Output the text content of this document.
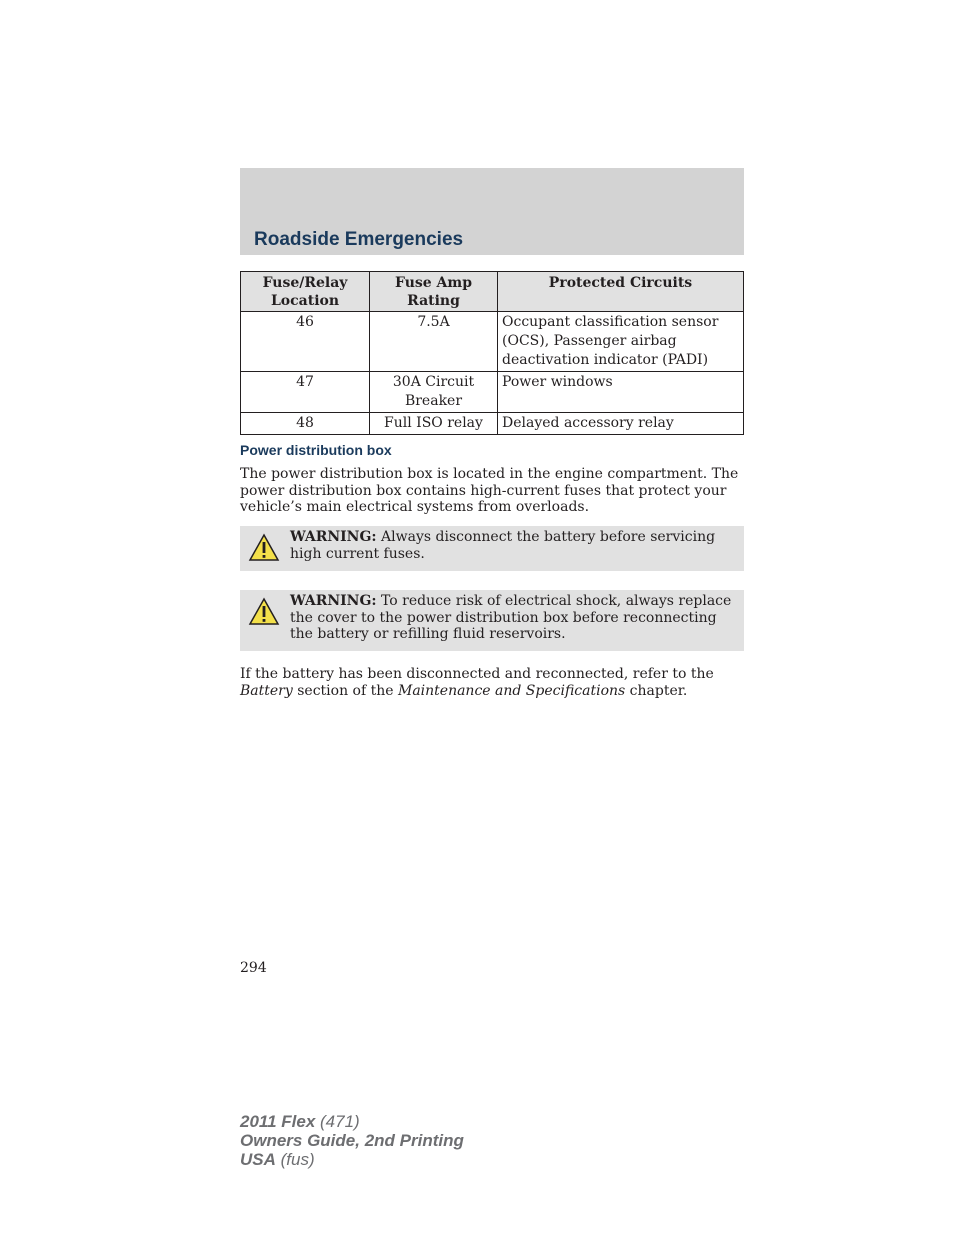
Roadside Emergencies
Fuse/Relay Location	Fuse Amp Rating	Protected Circuits
46	7.5A	Occupant classification sensor (OCS), Passenger airbag deactivation indicator (PADI)
47	30A Circuit Breaker	Power windows
48	Full ISO relay	Delayed accessory relay
Power distribution box
The power distribution box is located in the engine compartment. The power distribution box contains high-current fuses that protect your vehicle’s main electrical systems from overloads.
WARNING: Always disconnect the battery before servicing high current fuses.
WARNING: To reduce risk of electrical shock, always replace the cover to the power distribution box before reconnecting the battery or refilling fluid reservoirs.
If the battery has been disconnected and reconnected, refer to the Battery section of the Maintenance and Specifications chapter.
294
2011 Flex (471)
Owners Guide, 2nd Printing
USA (fus)
